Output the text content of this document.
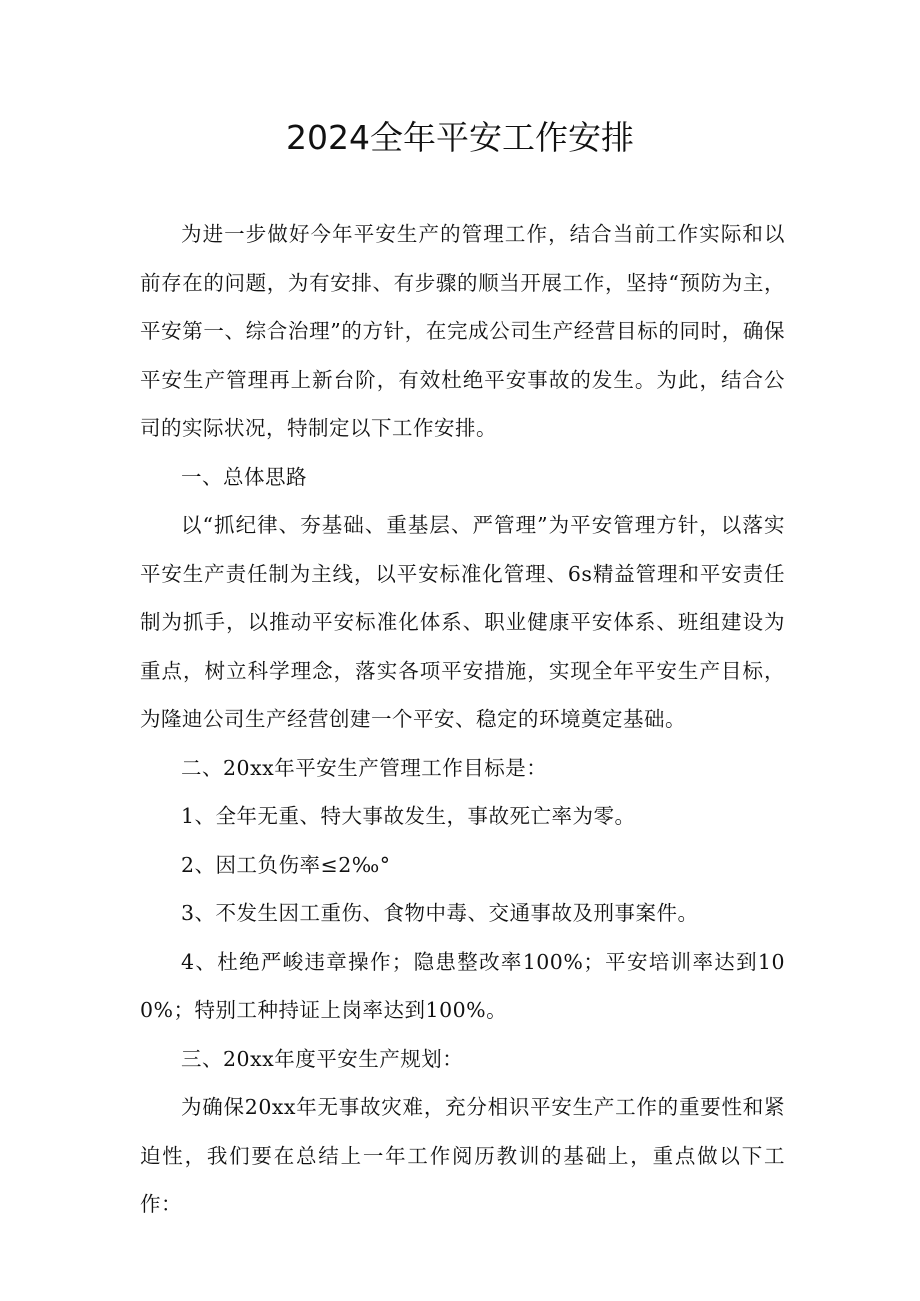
2024全年平安工作安排

为进一步做好今年平安生产的管理工作，结合当前工作实际和以前存在的问题，为有安排、有步骤的顺当开展工作，坚持“预防为主，平安第一、综合治理”的方针，在完成公司生产经营目标的同时，确保平安生产管理再上新台阶，有效杜绝平安事故的发生。为此，结合公司的实际状况，特制定以下工作安排。

一、总体思路

以“抓纪律、夯基础、重基层、严管理”为平安管理方针，以落实平安生产责任制为主线，以平安标准化管理、6s精益管理和平安责任制为抓手，以推动平安标准化体系、职业健康平安体系、班组建设为重点，树立科学理念，落实各项平安措施，实现全年平安生产目标，为隆迪公司生产经营创建一个平安、稳定的环境奠定基础。

二、20xx年平安生产管理工作目标是：

1、全年无重、特大事故发生，事故死亡率为零。

2、因工负伤率≤2‰°

3、不发生因工重伤、食物中毒、交通事故及刑事案件。

4、杜绝严峻违章操作；隐患整改率100%；平安培训率达到100%；特别工种持证上岗率达到100%。

三、20xx年度平安生产规划：

为确保20xx年无事故灾难，充分相识平安生产工作的重要性和紧迫性，我们要在总结上一年工作阅历教训的基础上，重点做以下工作：
